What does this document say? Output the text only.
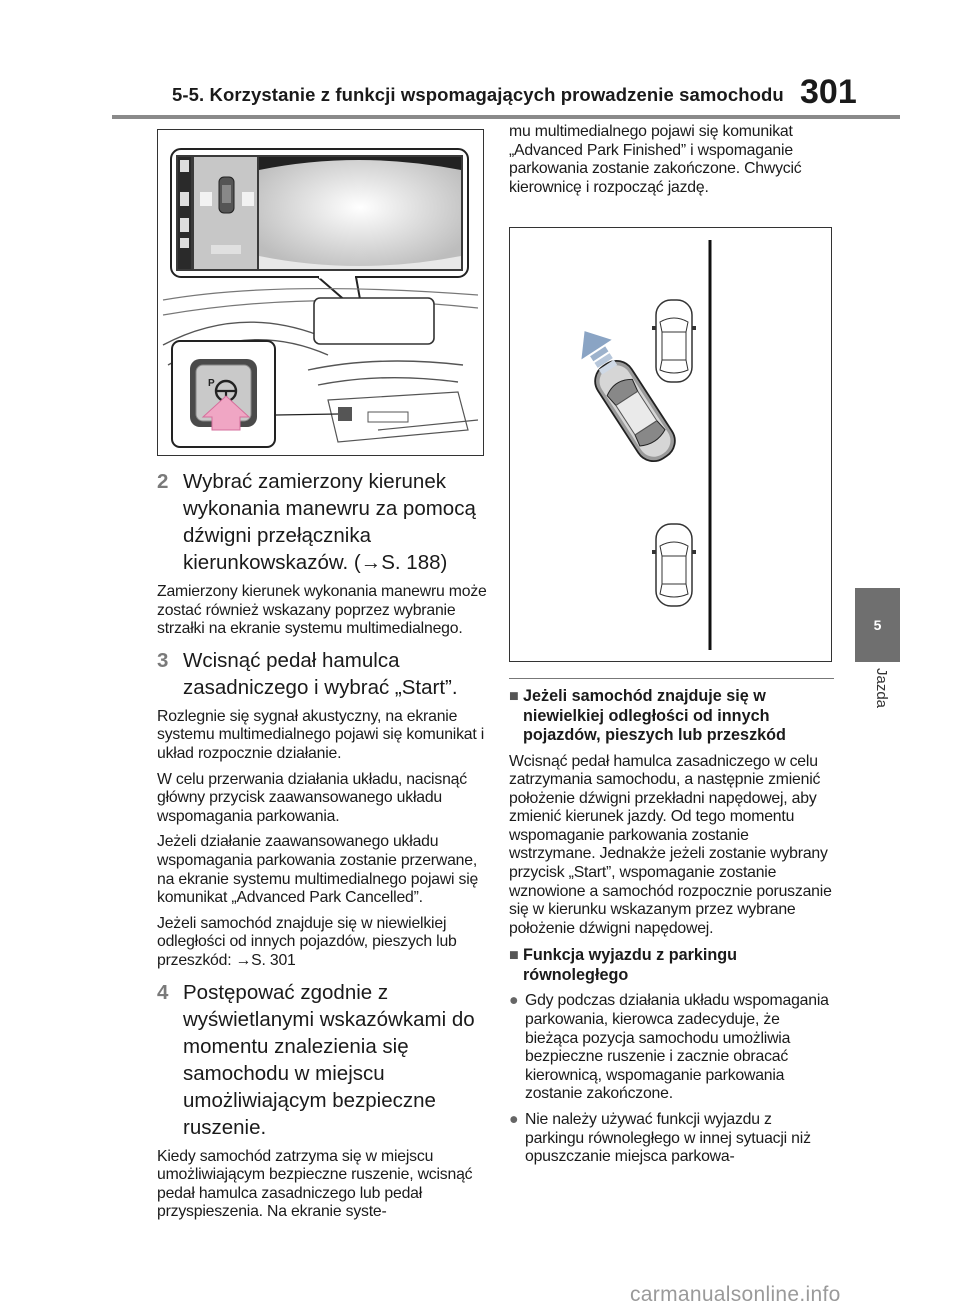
5-5. Korzystanie z funkcji wspomagających prowadzenie samochodu 301
5
Jazda
P
2 Wybrać zamierzony kierunek wykonania manewru za pomocą dźwigni przełącznika kierunkowskazów. (→S. 188)
Zamierzony kierunek wykonania manewru może zostać również wskazany poprzez wybranie strzałki na ekranie systemu multimedialnego.
3 Wcisnąć pedał hamulca zasadniczego i wybrać „Start”.
Rozlegnie się sygnał akustyczny, na ekranie systemu multimedialnego pojawi się komunikat i układ rozpocznie działanie.
W celu przerwania działania układu, nacisnąć główny przycisk zaawansowanego układu wspomagania parkowania.
Jeżeli działanie zaawansowanego układu wspomagania parkowania zostanie przerwane, na ekranie systemu multimedialnego pojawi się komunikat „Advanced Park Cancelled”.
Jeżeli samochód znajduje się w niewielkiej odległości od innych pojazdów, pieszych lub przeszkód: →S. 301
4 Postępować zgodnie z wyświetlanymi wskazówkami do momentu znalezienia się samochodu w miejscu umożliwiającym bezpieczne ruszenie.
Kiedy samochód zatrzyma się w miejscu umożliwiającym bezpieczne ruszenie, wcisnąć pedał hamulca zasadniczego lub pedał przyspieszenia. Na ekranie syste-
mu multimedialnego pojawi się komunikat „Advanced Park Finished” i wspomaganie parkowania zostanie zakończone. Chwycić kierownicę i rozpocząć jazdę.
■ Jeżeli samochód znajduje się w niewielkiej odległości od innych pojazdów, pieszych lub przeszkód
Wcisnąć pedał hamulca zasadniczego w celu zatrzymania samochodu, a następnie zmienić położenie dźwigni przekładni napędowej, aby zmienić kierunek jazdy. Od tego momentu wspomaganie parkowania zostanie wstrzymane. Jednakże jeżeli zostanie wybrany przycisk „Start”, wspomaganie zostanie wznowione a samochód rozpocznie poruszanie się w kierunku wskazanym przez wybrane położenie dźwigni napędowej.
■ Funkcja wyjazdu z parkingu równoległego
● Gdy podczas działania układu wspomagania parkowania, kierowca zadecyduje, że bieżąca pozycja samochodu umożliwia bezpieczne ruszenie i zacznie obracać kierownicą, wspomaganie parkowania zostanie zakończone.
● Nie należy używać funkcji wyjazdu z parkingu równoległego w innej sytuacji niż opuszczanie miejsca parkowa-
carmanualsonline.info
